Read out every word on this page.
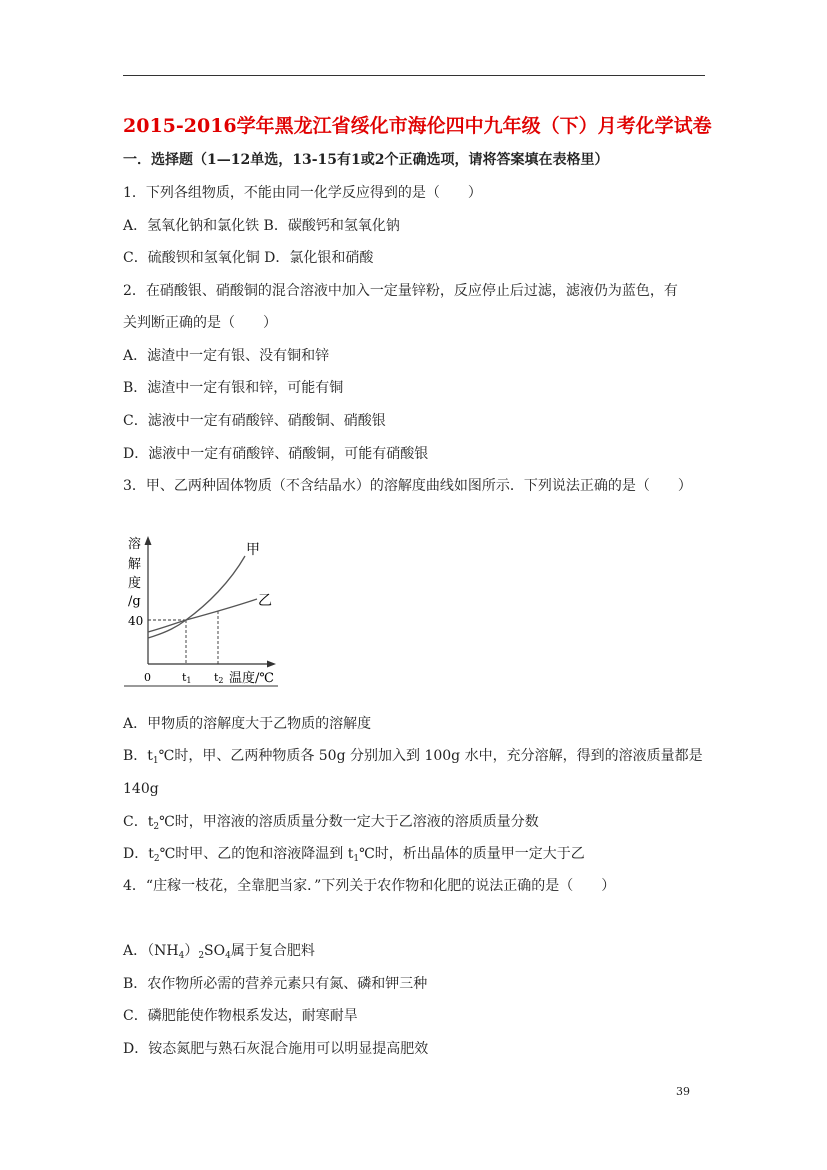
2015-2016学年黑龙江省绥化市海伦四中九年级（下）月考化学试卷
一．选择题（1—12单选，13-15有1或2个正确选项，请将答案填在表格里）
1．下列各组物质，不能由同一化学反应得到的是（　　）
A．氢氧化钠和氯化铁 B．碳酸钙和氢氧化钠
C．硫酸钡和氢氧化铜 D．氯化银和硝酸
2．在硝酸银、硝酸铜的混合溶液中加入一定量锌粉，反应停止后过滤，滤液仍为蓝色，有
关判断正确的是（　　）
A．滤渣中一定有银、没有铜和锌
B．滤渣中一定有银和锌，可能有铜
C．滤液中一定有硝酸锌、硝酸铜、硝酸银
D．滤液中一定有硝酸锌、硝酸铜，可能有硝酸银
3．甲、乙两种固体物质（不含结晶水）的溶解度曲线如图所示．下列说法正确的是（　　）
溶
解
度
/g
40
甲
乙
0	t1 t2 温度/℃
A．甲物质的溶解度大于乙物质的溶解度
B．$t_1℃$时，甲、乙两种物质各 50g 分别加入到 100g 水中，充分溶解，得到的溶液质量都是
140g
C．$t_2℃$时，甲溶液的溶质质量分数一定大于乙溶液的溶质质量分数
D．$t_2℃$时甲、乙的饱和溶液降温到 $t_1℃$时，析出晶体的质量甲一定大于乙
4．“庄稼一枝花，全靠肥当家．”下列关于农作物和化肥的说法正确的是（　　）
A．$(NH_4)_2SO_4$属于复合肥料
B．农作物所必需的营养元素只有氮、磷和钾三种
C．磷肥能使作物根系发达，耐寒耐旱
D．铵态氮肥与熟石灰混合施用可以明显提高肥效
39
